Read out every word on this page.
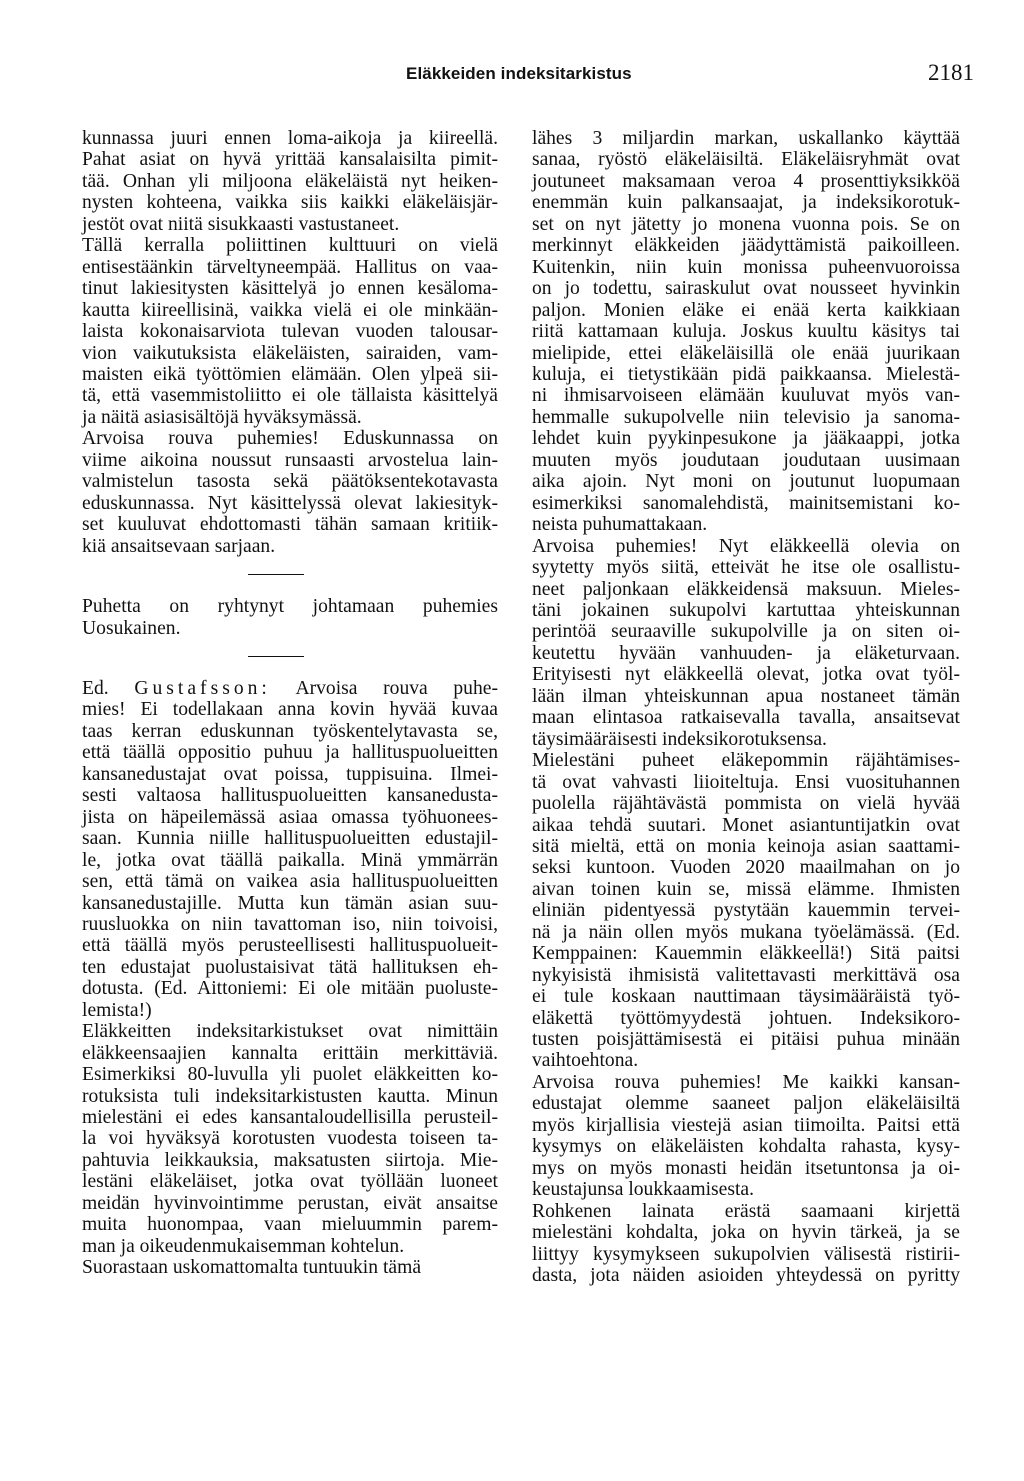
Eläkkeiden indeksitarkistus	2181
kunnassa juuri ennen loma-aikoja ja kiireellä.
Pahat asiat on hyvä yrittää kansalaisilta pimit-
tää. Onhan yli miljoona eläkeläistä nyt heiken-
nysten kohteena, vaikka siis kaikki eläkeläisjär-
jestöt ovat niitä sisukkaasti vastustaneet.
Tällä kerralla poliittinen kulttuuri on vielä
entisestäänkin tärveltyneempää. Hallitus on vaa-
tinut lakiesitysten käsittelyä jo ennen kesäloma-
kautta kiireellisinä, vaikka vielä ei ole minkään-
laista kokonaisarviota tulevan vuoden talousar-
vion vaikutuksista eläkeläisten, sairaiden, vam-
maisten eikä työttömien elämään. Olen ylpeä sii-
tä, että vasemmistoliitto ei ole tällaista käsittelyä
ja näitä asiasisältöjä hyväksymässä.
Arvoisa rouva puhemies! Eduskunnassa on
viime aikoina noussut runsaasti arvostelua lain-
valmistelun tasosta sekä päätöksentekotavasta
eduskunnassa. Nyt käsittelyssä olevat lakiesityk-
set kuuluvat ehdottomasti tähän samaan kritiik-
kiä ansaitsevaan sarjaan.
Puhetta on ryhtynyt johtamaan puhemies
Uosukainen.
Ed. Gustafsson: Arvoisa rouva puhe-
mies! Ei todellakaan anna kovin hyvää kuvaa
taas kerran eduskunnan työskentelytavasta se,
että täällä oppositio puhuu ja hallituspuolueitten
kansanedustajat ovat poissa, tuppisuina. Ilmei-
sesti valtaosa hallituspuolueitten kansanedusta-
jista on häpeilemässä asiaa omassa työhuonees-
saan. Kunnia niille hallituspuolueitten edustajil-
le, jotka ovat täällä paikalla. Minä ymmärrän
sen, että tämä on vaikea asia hallituspuolueitten
kansanedustajille. Mutta kun tämän asian suu-
ruusluokka on niin tavattoman iso, niin toivoisi,
että täällä myös perusteellisesti hallituspuolueit-
ten edustajat puolustaisivat tätä hallituksen eh-
dotusta. (Ed. Aittoniemi: Ei ole mitään puoluste-
lemista!)
Eläkkeitten indeksitarkistukset ovat nimittäin
eläkkeensaajien kannalta erittäin merkittäviä.
Esimerkiksi 80-luvulla yli puolet eläkkeitten ko-
rotuksista tuli indeksitarkistusten kautta. Minun
mielestäni ei edes kansantaloudellisilla perusteil-
la voi hyväksyä korotusten vuodesta toiseen ta-
pahtuvia leikkauksia, maksatusten siirtoja. Mie-
lestäni eläkeläiset, jotka ovat työllään luoneet
meidän hyvinvointimme perustan, eivät ansaitse
muita huonompaa, vaan mieluummin parem-
man ja oikeudenmukaisemman kohtelun.
Suorastaan uskomattomalta tuntuukin tämä
lähes 3 miljardin markan, uskallanko käyttää
sanaa, ryöstö eläkeläisiltä. Eläkeläisryhmät ovat
joutuneet maksamaan veroa 4 prosenttiyksikköä
enemmän kuin palkansaajat, ja indeksikorotuk-
set on nyt jätetty jo monena vuonna pois. Se on
merkinnyt eläkkeiden jäädyttämistä paikoilleen.
Kuitenkin, niin kuin monissa puheenvuoroissa
on jo todettu, sairaskulut ovat nousseet hyvinkin
paljon. Monien eläke ei enää kerta kaikkiaan
riitä kattamaan kuluja. Joskus kuultu käsitys tai
mielipide, ettei eläkeläisillä ole enää juurikaan
kuluja, ei tietystikään pidä paikkaansa. Mielestä-
ni ihmisarvoiseen elämään kuuluvat myös van-
hemmalle sukupolvelle niin televisio ja sanoma-
lehdet kuin pyykinpesukone ja jääkaappi, jotka
muuten myös joudutaan joudutaan uusimaan
aika ajoin. Nyt moni on joutunut luopumaan
esimerkiksi sanomalehdistä, mainitsemistani ko-
neista puhumattakaan.
Arvoisa puhemies! Nyt eläkkeellä olevia on
syytetty myös siitä, etteivät he itse ole osallistu-
neet paljonkaan eläkkeidensä maksuun. Mieles-
täni jokainen sukupolvi kartuttaa yhteiskunnan
perintöä seuraaville sukupolville ja on siten oi-
keutettu hyvään vanhuuden- ja eläketurvaan.
Erityisesti nyt eläkkeellä olevat, jotka ovat työl-
lään ilman yhteiskunnan apua nostaneet tämän
maan elintasoa ratkaisevalla tavalla, ansaitsevat
täysimääräisesti indeksikorotuksensa.
Mielestäni puheet eläkepommin räjähtämises-
tä ovat vahvasti liioiteltuja. Ensi vuosituhannen
puolella räjähtävästä pommista on vielä hyvää
aikaa tehdä suutari. Monet asiantuntijatkin ovat
sitä mieltä, että on monia keinoja asian saattami-
seksi kuntoon. Vuoden 2020 maailmahan on jo
aivan toinen kuin se, missä elämme. Ihmisten
eliniän pidentyessä pystytään kauemmin tervei-
nä ja näin ollen myös mukana työelämässä. (Ed.
Kemppainen: Kauemmin eläkkeellä!) Sitä paitsi
nykyisistä ihmisistä valitettavasti merkittävä osa
ei tule koskaan nauttimaan täysimääräistä työ-
eläkettä työttömyydestä johtuen. Indeksikoro-
tusten poisjättämisestä ei pitäisi puhua minään
vaihtoehtona.
Arvoisa rouva puhemies! Me kaikki kansan-
edustajat olemme saaneet paljon eläkeläisiltä
myös kirjallisia viestejä asian tiimoilta. Paitsi että
kysymys on eläkeläisten kohdalta rahasta, kysy-
mys on myös monasti heidän itsetuntonsa ja oi-
keustajunsa loukkaamisesta.
Rohkenen lainata erästä saamaani kirjettä
mielestäni kohdalta, joka on hyvin tärkeä, ja se
liittyy kysymykseen sukupolvien välisestä ristirii-
dasta, jota näiden asioiden yhteydessä on pyritty
